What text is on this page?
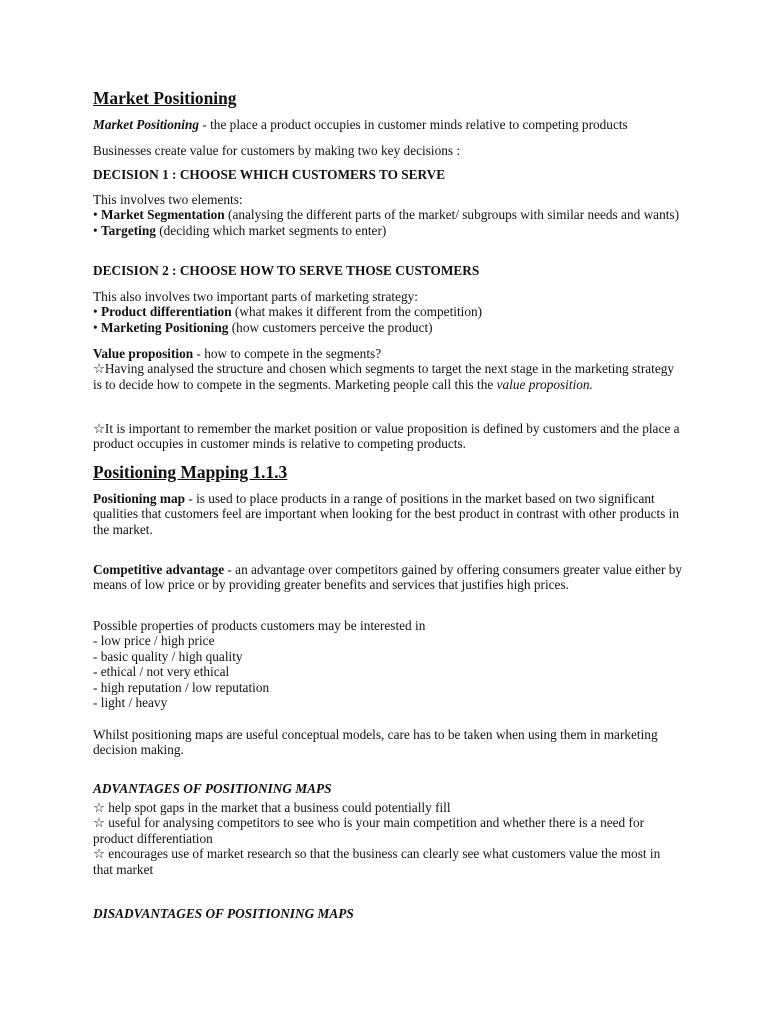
Market Positioning

Market Positioning - the place a product occupies in customer minds relative to competing products

Businesses create value for customers by making two key decisions :

DECISION 1 : CHOOSE WHICH CUSTOMERS TO SERVE

This involves two elements:
• Market Segmentation (analysing the different parts of the market/ subgroups with similar needs and wants)
• Targeting (deciding which market segments to enter)

DECISION 2 : CHOOSE HOW TO SERVE THOSE CUSTOMERS

This also involves two important parts of marketing strategy:
• Product differentiation (what makes it different from the competition)
• Marketing Positioning (how customers perceive the product)
Value proposition - how to compete in the segments?
☆Having analysed the structure and chosen which segments to target the next stage in the marketing strategy is to decide how to compete in the segments. Marketing people call this the value proposition.

☆It is important to remember the market position or value proposition is defined by customers and the place a product occupies in customer minds is relative to competing products.

Positioning Mapping 1.1.3

Positioning map - is used to place products in a range of positions in the market based on two significant qualities that customers feel are important when looking for the best product in contrast with other products in the market.

Competitive advantage - an advantage over competitors gained by offering consumers greater value either by means of low price or by providing greater benefits and services that justifies high prices.

Possible properties of products customers may be interested in
- low price / high price
- basic quality / high quality
- ethical / not very ethical
- high reputation / low reputation
- light / heavy

Whilst positioning maps are useful conceptual models, care has to be taken when using them in marketing decision making.

ADVANTAGES OF POSITIONING MAPS

☆ help spot gaps in the market that a business could potentially fill
☆ useful for analysing competitors to see who is your main competition and whether there is a need for product differentiation
☆ encourages use of market research so that the business can clearly see what customers value the most in that market

DISADVANTAGES OF POSITIONING MAPS
